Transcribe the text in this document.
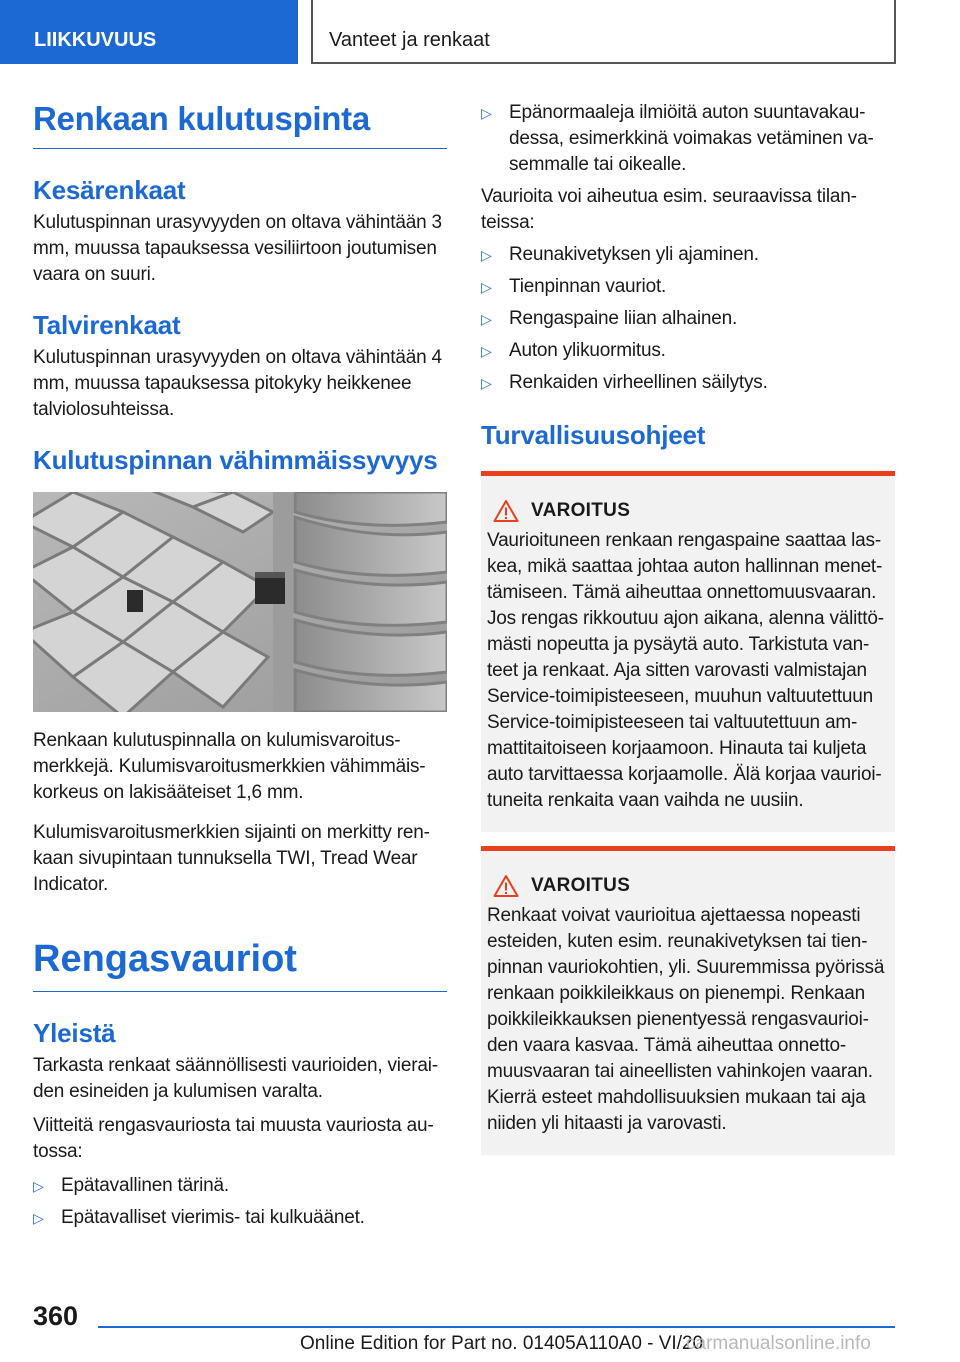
LIIKKUVUUS	Vanteet ja renkaat
Renkaan kulutuspinta
Kesärenkaat

Kulutuspinnan urasyvyyden on oltava vähintään 3 mm, muussa tapauksessa vesiliirtoon joutumisen vaara on suuri.

Talvirenkaat

Kulutuspinnan urasyvyyden on oltava vähintään 4 mm, muussa tapauksessa pitokyky heikkenee talviolosuhteissa.

Kulutuspinnan vähimmäissyvyys

Renkaan kulutuspinnalla on kulumisvaroitusmerkkejä. Kulumisvaroitusmerkkien vähimmäiskorkeus on lakisääteiset 1,6 mm.

Kulumisvaroitusmerkkien sijainti on merkitty renkaan sivupintaan tunnuksella TWI, Tread Wear Indicator.

Rengasvauriot
Yleistä

Tarkasta renkaat säännöllisesti vaurioiden, vieraiden esineiden ja kulumisen varalta.

Viitteitä rengasvauriosta tai muusta vauriosta autossa:

▷ Epätavallinen tärinä.
▷ Epätavalliset vierimis- tai kulkuäänet.
▷ Epänormaaleja ilmiöitä auton suuntavakaudessa, esimerkkinä voimakas vetäminen vasemmalle tai oikealle.

Vaurioita voi aiheutua esim. seuraavissa tilanteissa:

▷ Reunakivetyksen yli ajaminen.
▷ Tienpinnan vauriot.
▷ Rengaspaine liian alhainen.
▷ Auton ylikuormitus.
▷ Renkaiden virheellinen säilytys.
Turvallisuusohjeet
VAROITUS

Vaurioituneen renkaan rengaspaine saattaa laskea, mikä saattaa johtaa auton hallinnan menettämiseen. Tämä aiheuttaa onnettomuusvaaran. Jos rengas rikkoutuu ajon aikana, alenna välittömästi nopeutta ja pysäytä auto. Tarkistuta vanteet ja renkaat. Aja sitten varovasti valmistajan Service-toimipisteeseen, muuhun valtuutettuun Service-toimipisteeseen tai valtuutettuun ammattitaitoiseen korjaamoon. Hinauta tai kuljeta auto tarvittaessa korjaamolle. Älä korjaa vaurioituneita renkaita vaan vaihda ne uusiin.

VAROITUS

Renkaat voivat vaurioitua ajettaessa nopeasti esteiden, kuten esim. reunakivetyksen tai tienpinnan vauriokohtien, yli. Suuremmissa pyörissä renkaan poikkileikkaus on pienempi. Renkaan poikkileikkauksen pienentyessä rengasvaurioiden vaara kasvaa. Tämä aiheuttaa onnettomuusvaaran tai aineellisten vahinkojen vaaran. Kierrä esteet mahdollisuuksien mukaan tai aja niiden yli hitaasti ja varovasti.

360
Online Edition for Part no. 01405A110A0 - VI/20
carmanualsonline.info
